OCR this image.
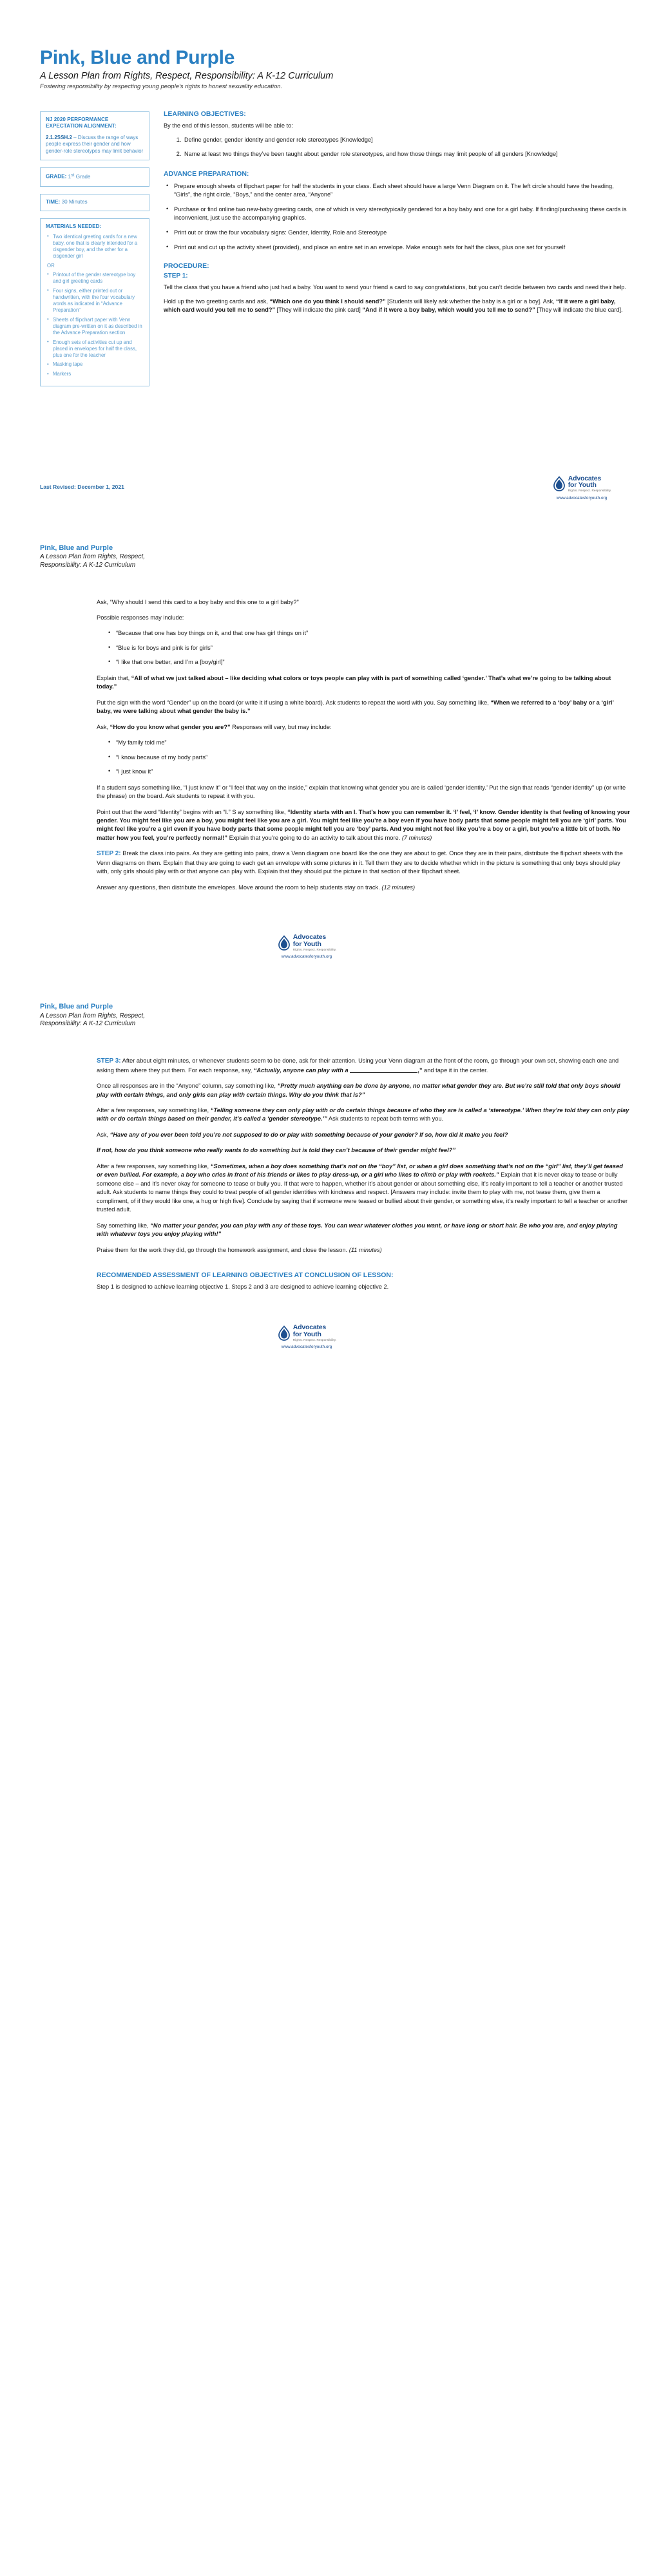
Pink, Blue and Purple
A Lesson Plan from Rights, Respect, Responsibility: A K-12 Curriculum
Fostering responsibility by respecting young people's rights to honest sexuality education.
NJ 2020 PERFORMANCE EXPECTATION ALIGNMENT:
2.1.2SSH.2 – Discuss the range of ways people express their gender and how gender-role stereotypes may limit behavior
GRADE: 1st Grade
TIME: 30 Minutes
MATERIALS NEEDED:
• Two identical greeting cards for a new baby, one that is clearly intended for a cisgender boy, and the other for a cisgender girl
OR
• Printout of the gender stereotype boy and girl greeting cards
• Four signs, either printed out or handwritten, with the four vocabulary words as indicated in “Advance Preparation”
• Sheets of flipchart paper with Venn diagram pre-written on it as described in the Advance Preparation section
• Enough sets of activities cut up and placed in envelopes for half the class, plus one for the teacher
• Masking tape
• Markers
LEARNING OBJECTIVES:

By the end of this lesson, students will be able to:

1. Define gender, gender identity and gender role stereotypes [Knowledge]
2. Name at least two things they’ve been taught about gender role stereotypes, and how those things may limit people of all genders [Knowledge]
ADVANCE PREPARATION:
• Prepare enough sheets of flipchart paper for half the students in your class. Each sheet should have a large Venn Diagram on it. The left circle should have the heading, “Girls”, the right circle, “Boys,” and the center area, “Anyone”
• Purchase or find online two new-baby greeting cards, one of which is very stereotypically gendered for a boy baby and one for a girl baby. If finding/purchasing these cards is inconvenient, just use the accompanying graphics.
• Print out or draw the four vocabulary signs: Gender, Identity, Role and Stereotype
• Print out and cut up the activity sheet (provided), and place an entire set in an envelope. Make enough sets for half the class, plus one set for yourself
PROCEDURE:
STEP 1:

Tell the class that you have a friend who just had a baby. You want to send your friend a card to say congratulations, but you can’t decide between two cards and need their help.

Hold up the two greeting cards and ask, “Which one do you think I should send?” [Students will likely ask whether the baby is a girl or a boy]. Ask, “If it were a girl baby, which card would you tell me to send?” [They will indicate the pink card] “And if it were a boy baby, which would you tell me to send?” [They will indicate the blue card].

Last Revised: December 1, 2021
Advocates
for Youth
Rights. Respect. Responsibility.
www.advocatesforyouth.org
Pink, Blue and Purple
A Lesson Plan from Rights, Respect,
Responsibility: A K-12 Curriculum

Ask, “Why should I send this card to a boy baby and this one to a girl baby?”

Possible responses may include:

• “Because that one has boy things on it, and that one has girl things on it”
• “Blue is for boys and pink is for girls”
• “I like that one better, and I’m a [boy/girl]”

Explain that, “All of what we just talked about – like deciding what colors or toys people can play with is part of something called ‘gender.’ That’s what we’re going to be talking about today.”

Put the sign with the word “Gender” up on the board (or write it if using a white board). Ask students to repeat the word with you. Say something like, “When we referred to a ‘boy’ baby or a ‘girl’ baby, we were talking about what gender the baby is.”

Ask, “How do you know what gender you are?” Responses will vary, but may include:

• “My family told me”
• “I know because of my body parts”
• “I just know it”

If a student says something like, “I just know it” or “I feel that way on the inside,” explain that knowing what gender you are is called ‘gender identity.’ Put the sign that reads “gender identity” up (or write the phrase) on the board. Ask students to repeat it with you.

Point out that the word “Identity” begins with an “I.” S ay something like, “Identity starts with an I. That’s how you can remember it. ‘I’ feel, ‘I’ know. Gender identity is that feeling of knowing your gender. You might feel like you are a boy, you might feel like you are a girl. You might feel like you’re a boy even if you have body parts that some people might tell you are ‘girl’ parts. You might feel like you’re a girl even if you have body parts that some people might tell you are ‘boy’ parts. And you might not feel like you’re a boy or a girl, but you’re a little bit of both. No matter how you feel, you’re perfectly normal!” Explain that you’re going to do an activity to talk about this more. (7 minutes)

STEP 2: Break the class into pairs. As they are getting into pairs, draw a Venn diagram one board like the one they are about to get. Once they are in their pairs, distribute the flipchart sheets with the Venn diagrams on them. Explain that they are going to each get an envelope with some pictures in it. Tell them they are to decide whether which in the picture is something that only boys should play with, only girls should play with or that anyone can play with. Explain that they should put the picture in that section of their flipchart sheet.

Answer any questions, then distribute the envelopes. Move around the room to help students stay on track. (12 minutes)

Advocates
for Youth
Rights. Respect. Responsibility.
www.advocatesforyouth.org
Pink, Blue and Purple
A Lesson Plan from Rights, Respect,
Responsibility: A K-12 Curriculum

STEP 3: After about eight minutes, or whenever students seem to be done, ask for their attention. Using your Venn diagram at the front of the room, go through your own set, showing each one and asking them where they put them. For each response, say, “Actually, anyone can play with a	,” and tape it in the center.

Once all responses are in the “Anyone” column, say something like, “Pretty much anything can be done by anyone, no matter what gender they are. But we’re still told that only boys should play with certain things, and only girls can play with certain things. Why do you think that is?”

After a few responses, say something like, “Telling someone they can only play with or do certain things because of who they are is called a ‘stereotype.’ When they’re told they can only play with or do certain things based on their gender, it’s called a ‘gender stereotype.’” Ask students to repeat both terms with you.

Ask, “Have any of you ever been told you’re not supposed to do or play with something because of your gender? If so, how did it make you feel?

If not, how do you think someone who really wants to do something but is told they can’t because of their gender might feel?”

After a few responses, say something like, “Sometimes, when a boy does something that’s not on the “boy” list, or when a girl does something that’s not on the “girl” list, they’ll get teased or even bullied. For example, a boy who cries in front of his friends or likes to play dress-up, or a girl who likes to climb or play with rockets.” Explain that it is never okay to tease or bully someone else – and it’s never okay for someone to tease or bully you. If that were to happen, whether it’s about gender or about something else, it’s really important to tell a teacher or another trusted adult. Ask students to name things they could to treat people of all gender identities with kindness and respect. [Answers may include: invite them to play with me, not tease them, give them a compliment, of if they would like one, a hug or high five]. Conclude by saying that if someone were teased or bullied about their gender, or something else, it’s really important to tell a teacher or another trusted adult.

Say something like, “No matter your gender, you can play with any of these toys. You can wear whatever clothes you want, or have long or short hair. Be who you are, and enjoy playing with whatever toys you enjoy playing with!”

Praise them for the work they did, go through the homework assignment, and close the lesson. (11 minutes)

RECOMMENDED ASSESSMENT OF LEARNING OBJECTIVES AT CONCLUSION OF LESSON:

Step 1 is designed to achieve learning objective 1. Steps 2 and 3 are designed to achieve learning objective 2.

Advocates
for Youth
Rights. Respect. Responsibility.
www.advocatesforyouth.org
